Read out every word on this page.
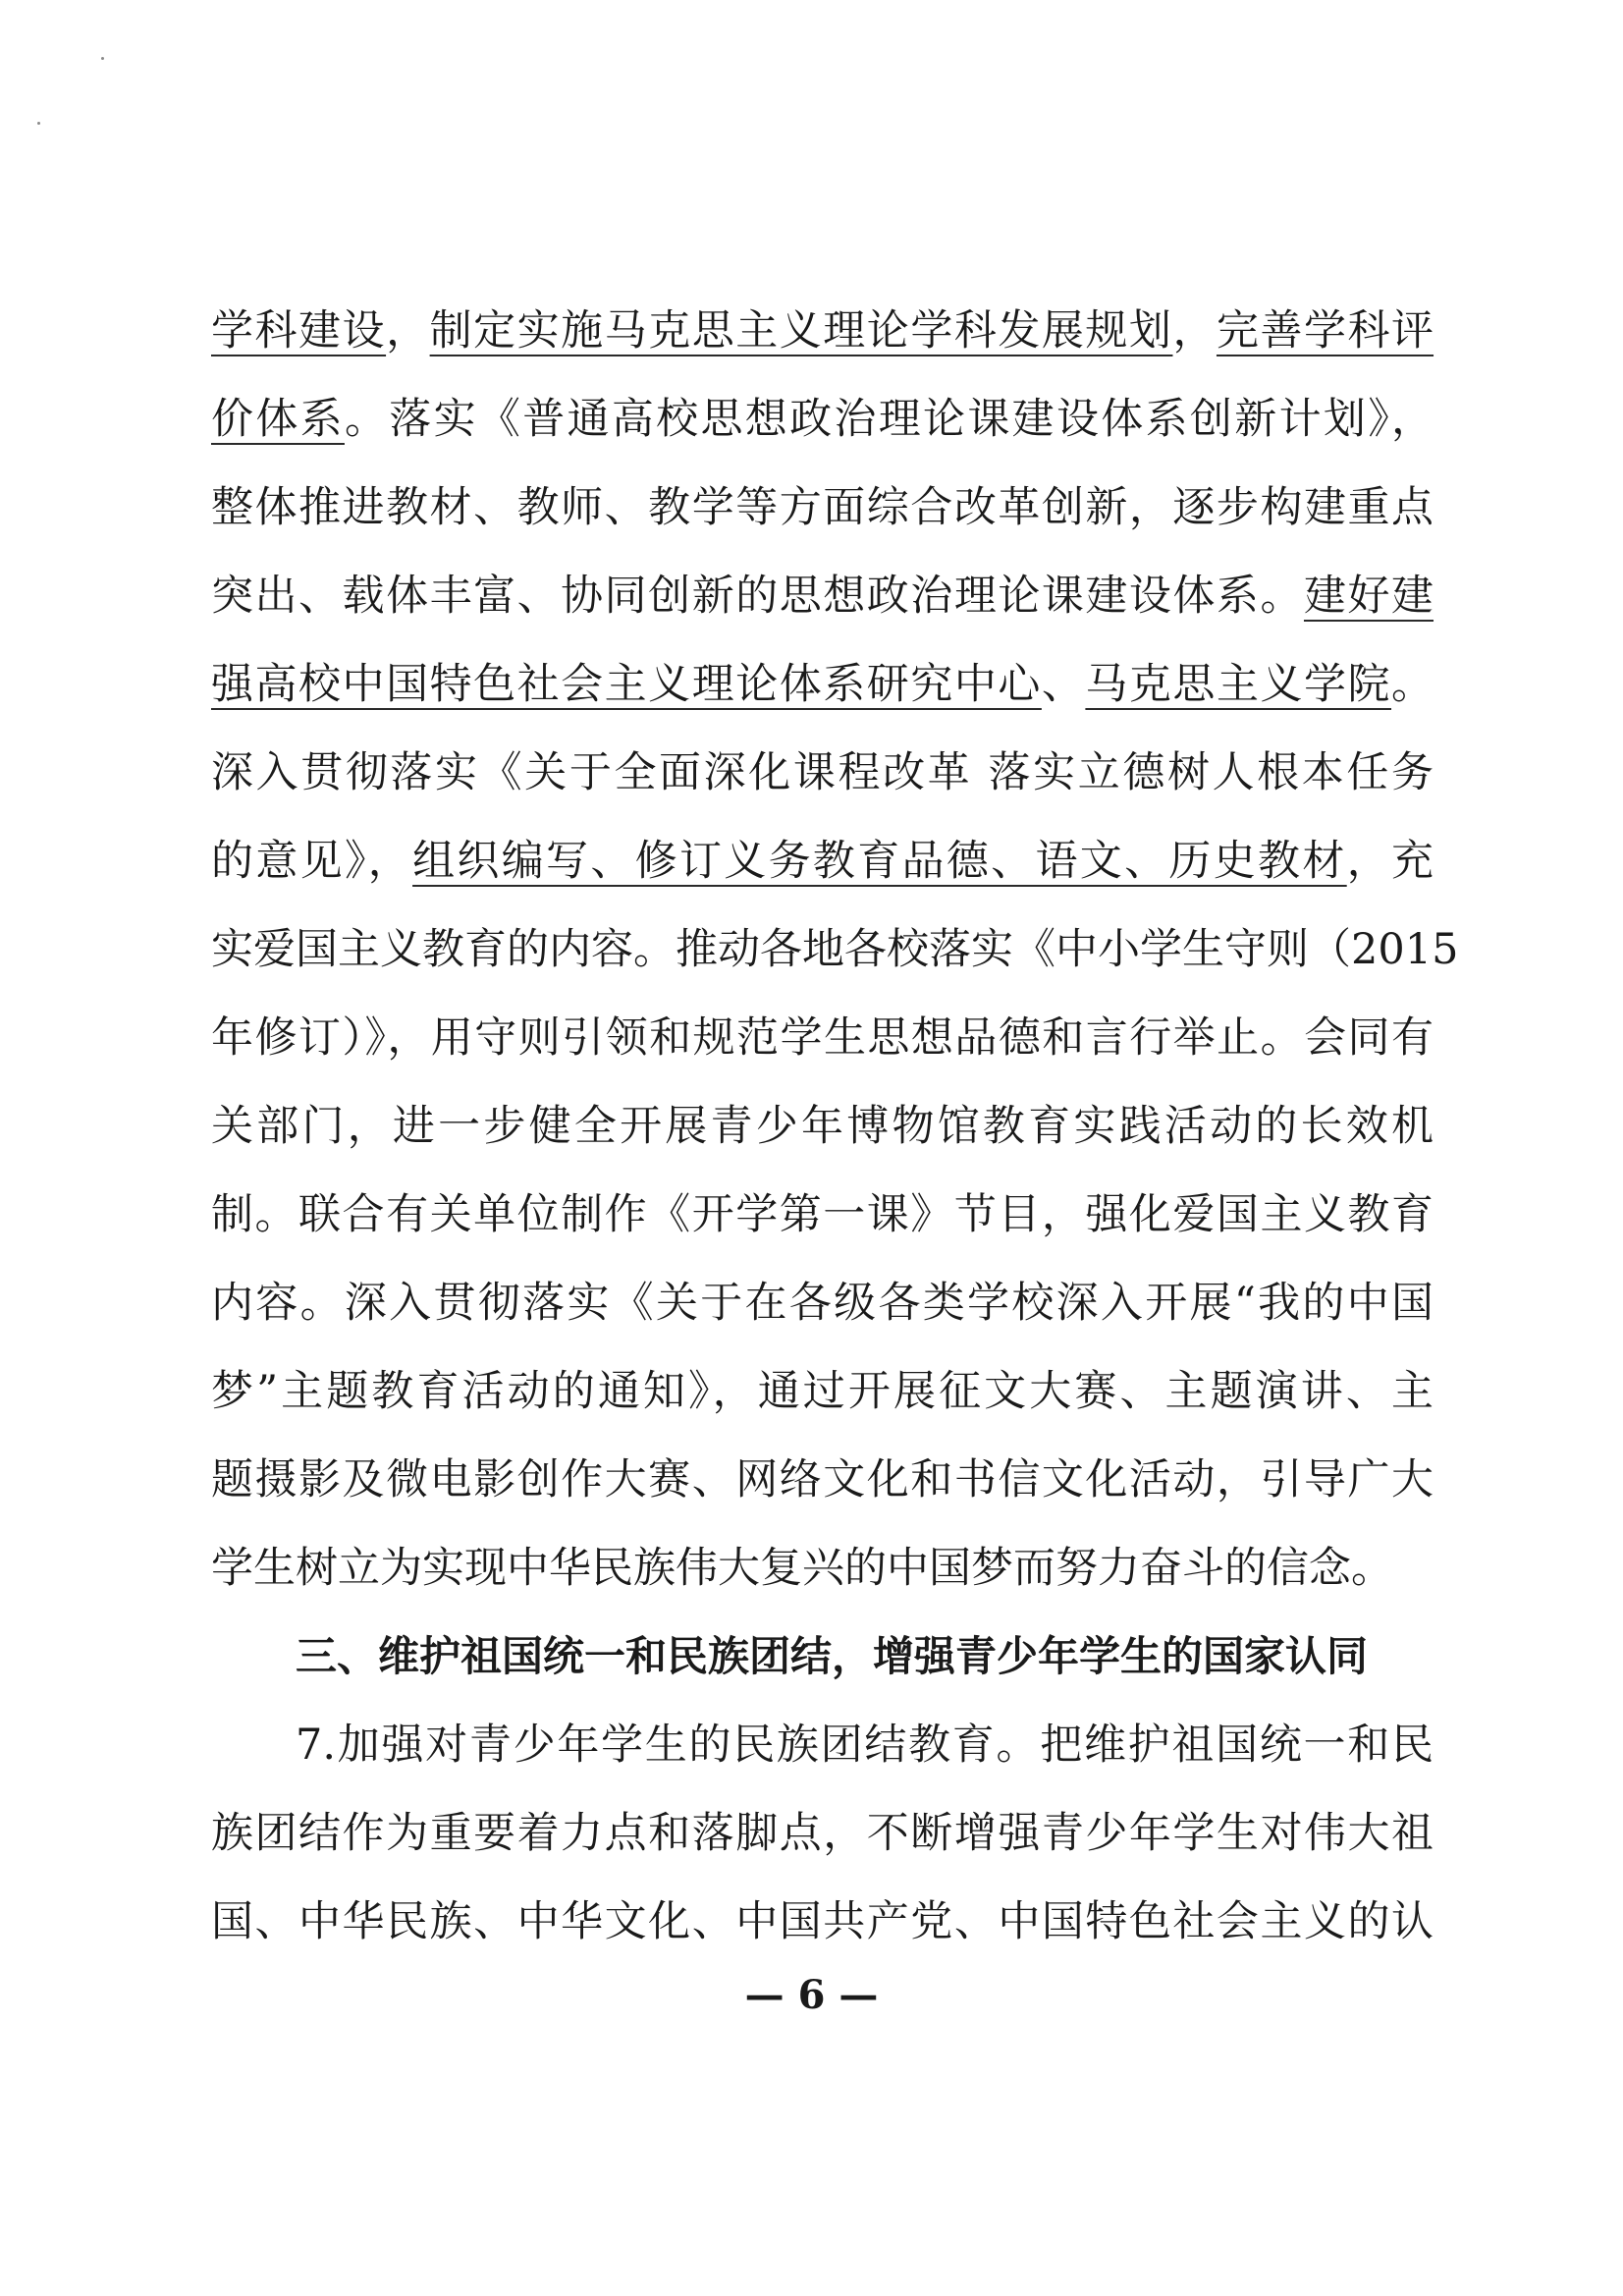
学科建设，制定实施马克思主义理论学科发展规划，完善学科评
价体系。落实《普通高校思想政治理论课建设体系创新计划》，
整体推进教材、教师、教学等方面综合改革创新，逐步构建重点
突出、载体丰富、协同创新的思想政治理论课建设体系。建好建
强高校中国特色社会主义理论体系研究中心、马克思主义学院。
深入贯彻落实《关于全面深化课程改革 落实立德树人根本任务
的意见》，组织编写、修订义务教育品德、语文、历史教材，充
实爱国主义教育的内容。推动各地各校落实《中小学生守则（2015
年修订）》，用守则引领和规范学生思想品德和言行举止。会同有
关部门，进一步健全开展青少年博物馆教育实践活动的长效机
制。联合有关单位制作《开学第一课》节目，强化爱国主义教育
内容。深入贯彻落实《关于在各级各类学校深入开展“我的中国
梦”主题教育活动的通知》，通过开展征文大赛、主题演讲、主
题摄影及微电影创作大赛、网络文化和书信文化活动，引导广大
学生树立为实现中华民族伟大复兴的中国梦而努力奋斗的信念。
三、维护祖国统一和民族团结，增强青少年学生的国家认同
7.加强对青少年学生的民族团结教育。把维护祖国统一和民
族团结作为重要着力点和落脚点，不断增强青少年学生对伟大祖
国、中华民族、中华文化、中国共产党、中国特色社会主义的认
— 6 —
